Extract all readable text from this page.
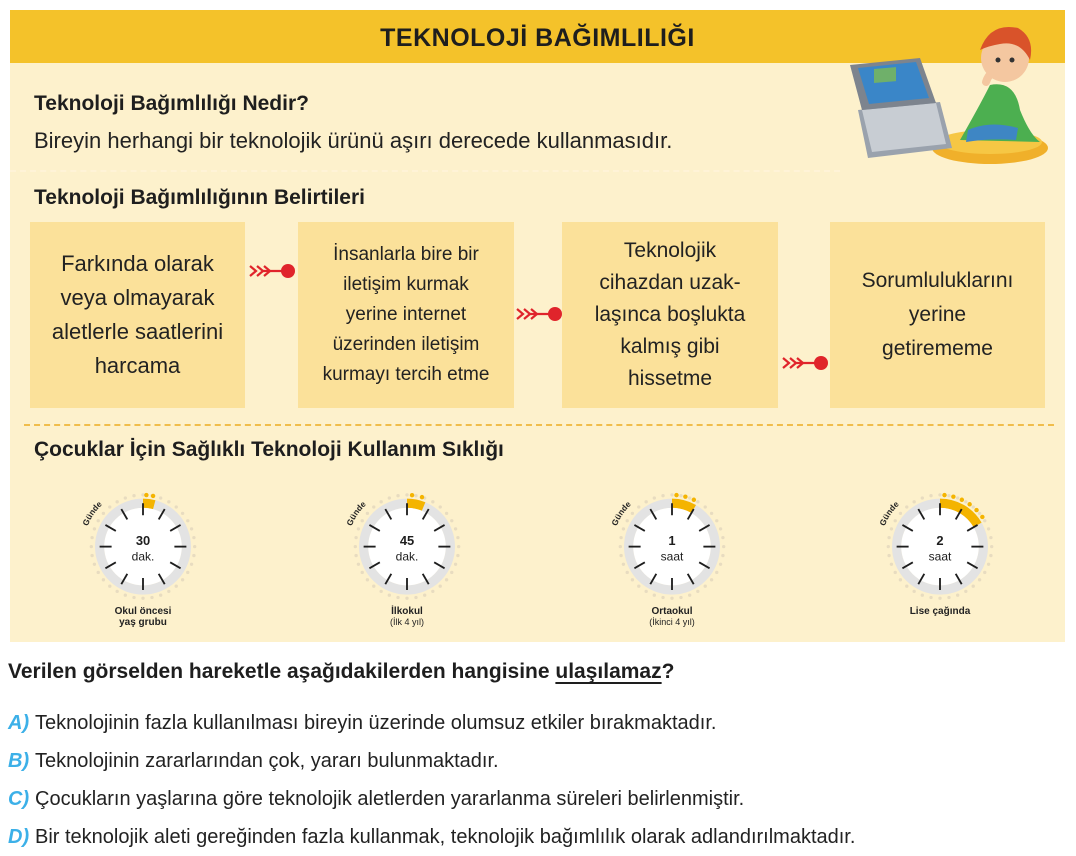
TEKNOLOJİ BAĞIMLILIĞI
Teknoloji Bağımlılığı Nedir?
Bireyin herhangi bir teknolojik ürünü aşırı derecede kullanmasıdır.
Teknoloji Bağımlılığının Belirtileri
Farkında olarak
veya olmayarak
aletlerle saatlerini
harcama
İnsanlarla bire bir
iletişim kurmak
yerine internet
üzerinden iletişim
kurmayı tercih etme
Teknolojik
cihazdan uzak-
laşınca boşlukta
kalmış gibi
hissetme
Sorumluluklarını
yerine
getirememe
Çocuklar İçin Sağlıklı Teknoloji Kullanım Sıklığı
Günde
30
dak.
Okul öncesi
yaş grubu
Günde
45
dak.
İlkokul
(İlk 4 yıl)
Günde
1
saat
Ortaokul
(İkinci 4 yıl)
Günde
2
saat
Lise çağında
Verilen görselden hareketle aşağıdakilerden hangisine ulaşılamaz?
A) Teknolojinin fazla kullanılması bireyin üzerinde olumsuz etkiler bırakmaktadır.
B) Teknolojinin zararlarından çok, yararı bulunmaktadır.
C) Çocukların yaşlarına göre teknolojik aletlerden yararlanma süreleri belirlenmiştir.
D) Bir teknolojik aleti gereğinden fazla kullanmak, teknolojik bağımlılık olarak adlandırılmaktadır.
